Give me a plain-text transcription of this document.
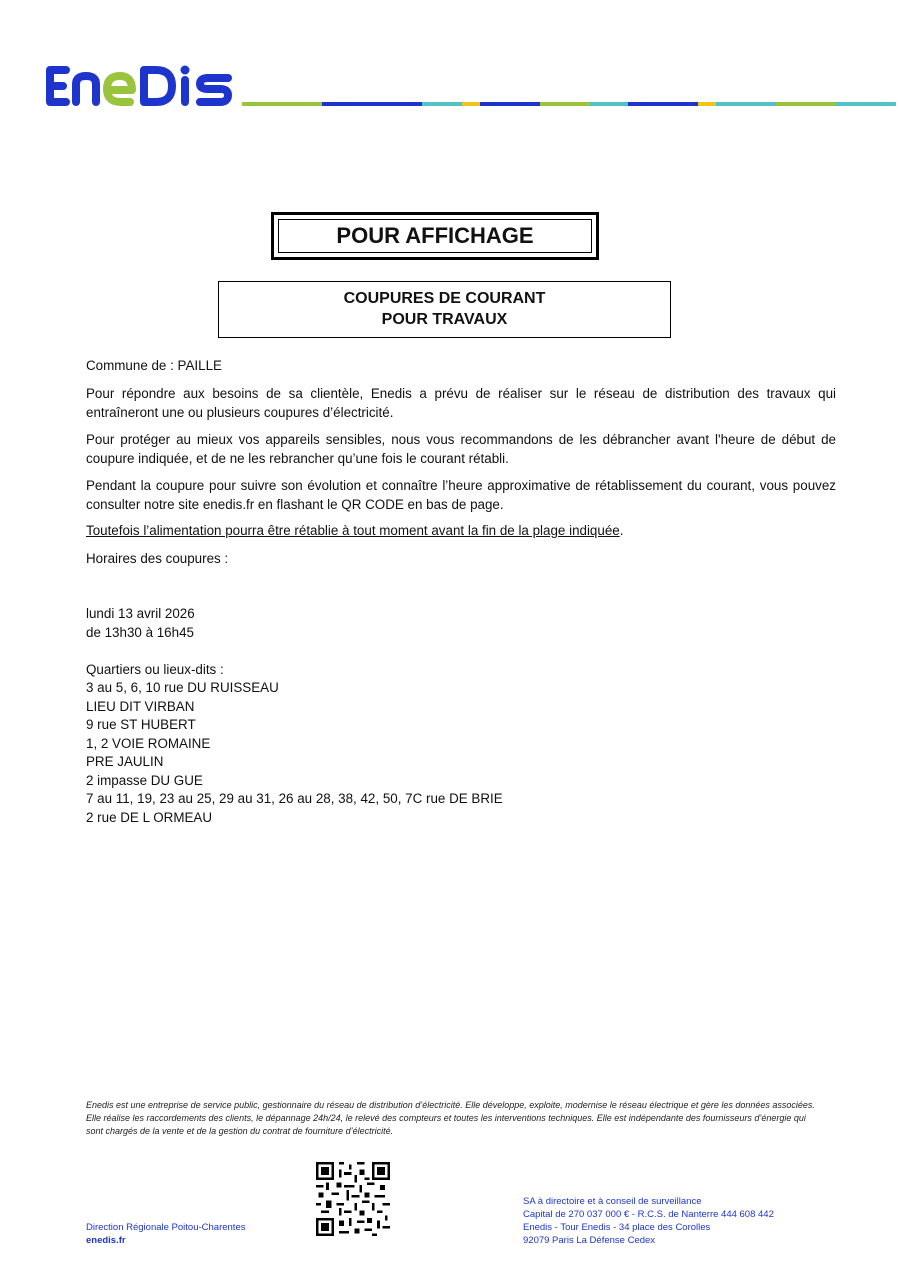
POUR AFFICHAGE
COUPURES DE COURANT
POUR TRAVAUX
Commune de : PAILLE
Pour répondre aux besoins de sa clientèle, Enedis a prévu de réaliser sur le réseau de distribution des travaux qui entraîneront une ou plusieurs coupures d’électricité.
Pour protéger au mieux vos appareils sensibles, nous vous recommandons de les débrancher avant l'heure de début de coupure indiquée, et de ne les rebrancher qu’une fois le courant rétabli.
Pendant la coupure pour suivre son évolution et connaître l’heure approximative de rétablissement du courant, vous pouvez consulter notre site enedis.fr en flashant le QR CODE en bas de page.
Toutefois l’alimentation pourra être rétablie à tout moment avant la fin de la plage indiquée.
Horaires des coupures :
lundi 13 avril 2026
de 13h30 à 16h45
Quartiers ou lieux-dits :
3 au 5, 6, 10 rue DU RUISSEAU
LIEU DIT VIRBAN
9 rue ST HUBERT
1, 2 VOIE ROMAINE
PRE JAULIN
2 impasse DU GUE
7 au 11, 19, 23 au 25, 29 au 31, 26 au 28, 38, 42, 50, 7C rue DE BRIE
2 rue DE L ORMEAU
Enedis est une entreprise de service public, gestionnaire du réseau de distribution d’électricité. Elle développe, exploite, modernise le réseau électrique et gère les données associées. Elle réalise les raccordements des clients, le dépannage 24h/24, le relevé des compteurs et toutes les interventions techniques. Elle est indépendante des fournisseurs d’énergie qui sont chargés de la vente et de la gestion du contrat de fourniture d’électricité.
Direction Régionale Poitou-Charentes
enedis.fr
SA à directoire et à conseil de surveillance
Capital de 270 037 000 € - R.C.S. de Nanterre 444 608 442
Enedis - Tour Enedis - 34 place des Corolles
92079 Paris La Défense Cedex
